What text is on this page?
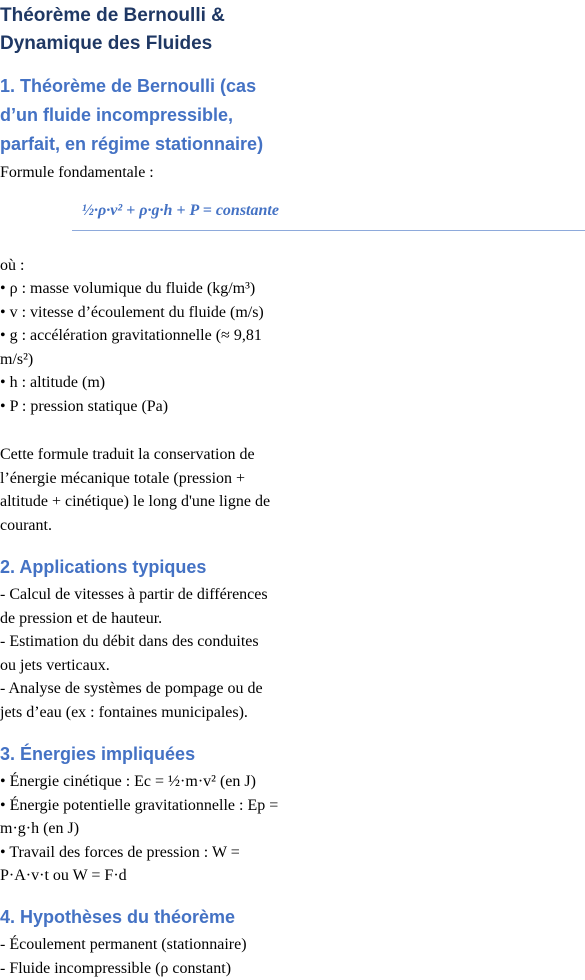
Théorème de Bernoulli &
Dynamique des Fluides
1. Théorème de Bernoulli (cas
d’un fluide incompressible,
parfait, en régime stationnaire)
Formule fondamentale :
½·ρ·v² + ρ·g·h + P = constante
où :
• ρ : masse volumique du fluide (kg/m³)
• v : vitesse d’écoulement du fluide (m/s)
• g : accélération gravitationnelle (≈ 9,81
m/s²)
• h : altitude (m)
• P : pression statique (Pa)
Cette formule traduit la conservation de
l’énergie mécanique totale (pression +
altitude + cinétique) le long d'une ligne de
courant.
2. Applications typiques
- Calcul de vitesses à partir de différences
de pression et de hauteur.
- Estimation du débit dans des conduites
ou jets verticaux.
- Analyse de systèmes de pompage ou de
jets d’eau (ex : fontaines municipales).
3. Énergies impliquées
• Énergie cinétique : Ec = ½·m·v² (en J)
• Énergie potentielle gravitationnelle : Ep =
m·g·h (en J)
• Travail des forces de pression : W =
P·A·v·t ou W = F·d
4. Hypothèses du théorème
- Écoulement permanent (stationnaire)
- Fluide incompressible (ρ constant)
